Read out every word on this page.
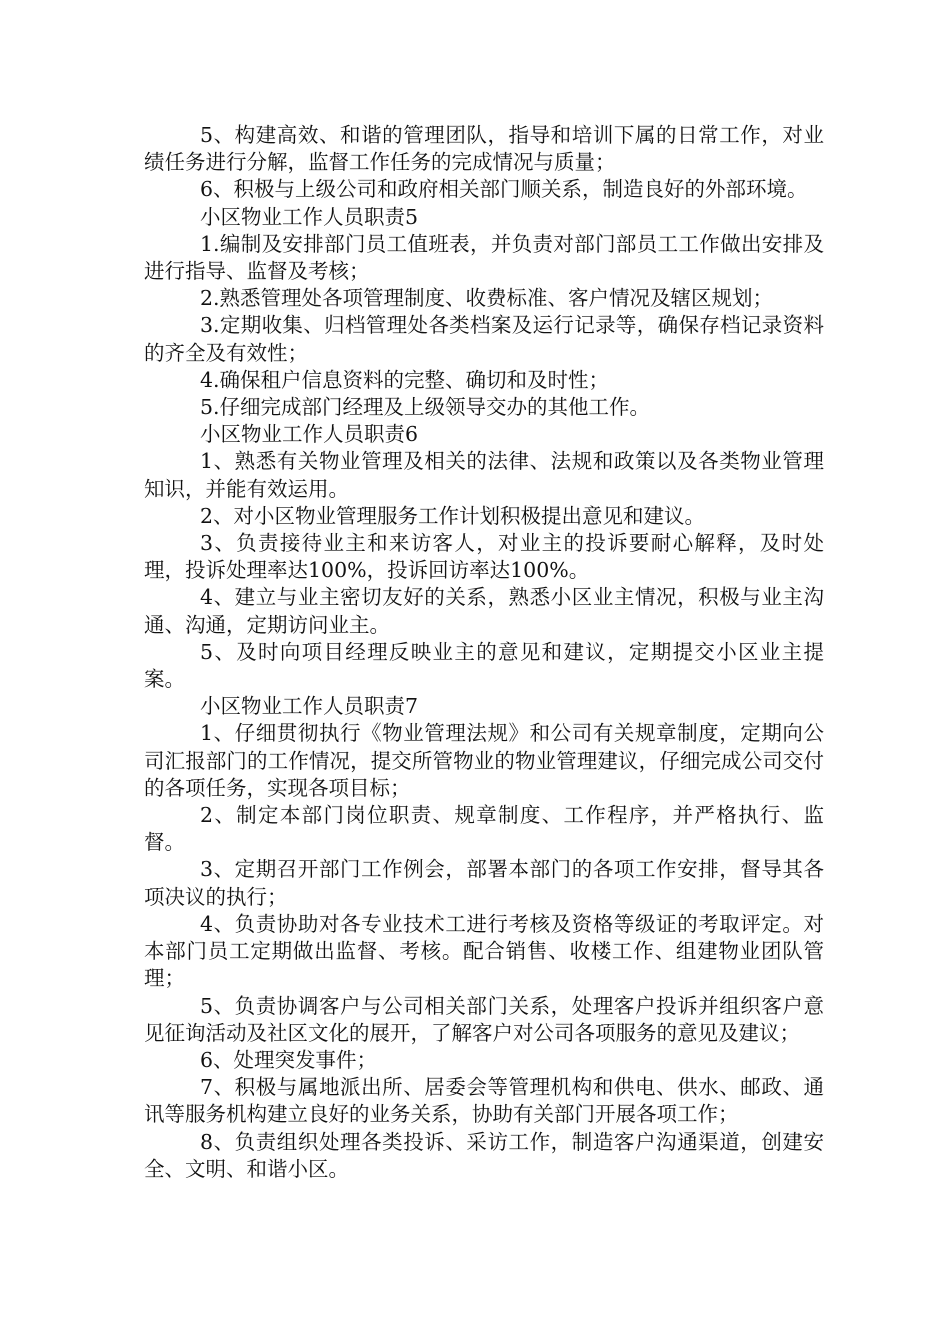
5、构建高效、和谐的管理团队，指导和培训下属的日常工作，对业绩任务进行分解，监督工作任务的完成情况与质量；

6、积极与上级公司和政府相关部门顺关系，制造良好的外部环境。

小区物业工作人员职责5

1.编制及安排部门员工值班表，并负责对部门部员工工作做出安排及进行指导、监督及考核；

2.熟悉管理处各项管理制度、收费标准、客户情况及辖区规划；

3.定期收集、归档管理处各类档案及运行记录等，确保存档记录资料的齐全及有效性；

4.确保租户信息资料的完整、确切和及时性；

5.仔细完成部门经理及上级领导交办的其他工作。

小区物业工作人员职责6

1、熟悉有关物业管理及相关的法律、法规和政策以及各类物业管理知识，并能有效运用。

2、对小区物业管理服务工作计划积极提出意见和建议。

3、负责接待业主和来访客人，对业主的投诉要耐心解释，及时处理，投诉处理率达100%，投诉回访率达100%。

4、建立与业主密切友好的关系，熟悉小区业主情况，积极与业主沟通、沟通，定期访问业主。

5、及时向项目经理反映业主的意见和建议，定期提交小区业主提案。

小区物业工作人员职责7

1、仔细贯彻执行《物业管理法规》和公司有关规章制度，定期向公司汇报部门的工作情况，提交所管物业的物业管理建议，仔细完成公司交付的各项任务，实现各项目标；

2、制定本部门岗位职责、规章制度、工作程序，并严格执行、监督。

3、定期召开部门工作例会，部署本部门的各项工作安排，督导其各项决议的执行；

4、负责协助对各专业技术工进行考核及资格等级证的考取评定。对本部门员工定期做出监督、考核。配合销售、收楼工作、组建物业团队管理；

5、负责协调客户与公司相关部门关系，处理客户投诉并组织客户意见征询活动及社区文化的展开，了解客户对公司各项服务的意见及建议；

6、处理突发事件；

7、积极与属地派出所、居委会等管理机构和供电、供水、邮政、通讯等服务机构建立良好的业务关系，协助有关部门开展各项工作；

8、负责组织处理各类投诉、采访工作，制造客户沟通渠道，创建安全、文明、和谐小区。
